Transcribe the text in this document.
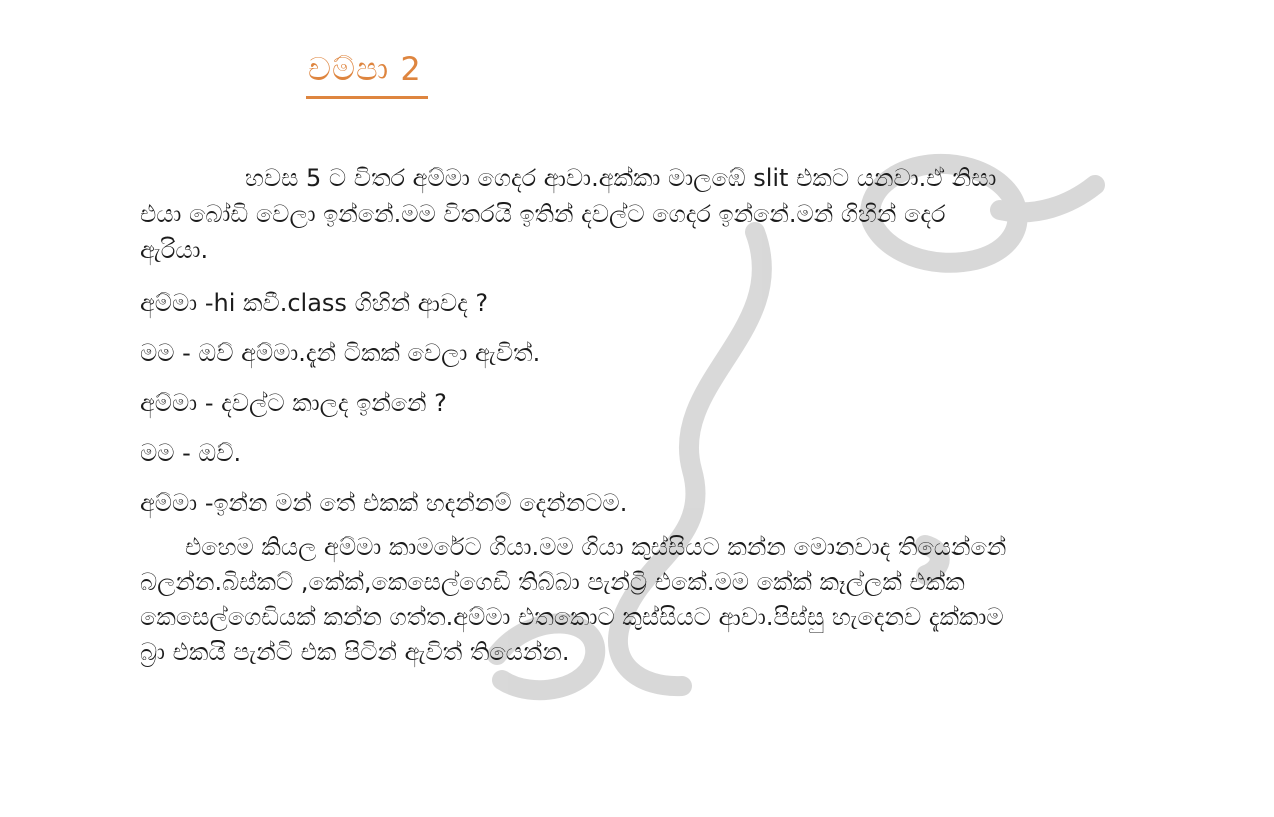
චම්පා 2
හවස 5 ට විතර අම්මා ගෙදර ආවා.අක්කා මාලඹේ slit එකට යනවා.ඒ නිසා
එයා බෝඩි වෙලා ඉන්නේ.මම විතරයි ඉතින් දවල්ට ගෙදර ඉන්නේ.මන් ගිහින් දෙර
ඇරියා.
අම්මා -hi කවී.class ගිහින් ආවද ?
මම - ඔව් අම්මා.දැන් ටිකක් වෙලා ඇවිත්.
අම්මා - දවල්ට කාලද ඉන්නේ ?
මම - ඔව්.
අම්මා -ඉන්න මන් තේ එකක් හදන්නම් දෙන්නටම.
එහෙම කියල අම්මා කාමරේට ගියා.මම ගියා කුස්සියට කන්න මොනවාද තියෙන්නේ
බලන්න.බිස්කට් ,කේක්,කෙසෙල්ගෙඩි තිබ්බා පැන්ට්‍රි එකේ.මම කේක් කෑල්ලක් එක්ක
කෙසෙල්ගෙඩියක් කන්න ගත්ත.අම්මා එතකොට කුස්සියට ආවා.පිස්සු හැදෙනව දැක්කාම
බ්‍රා එකයි පැන්ටි එක පිටින් ඇවිත් තියෙන්න.
